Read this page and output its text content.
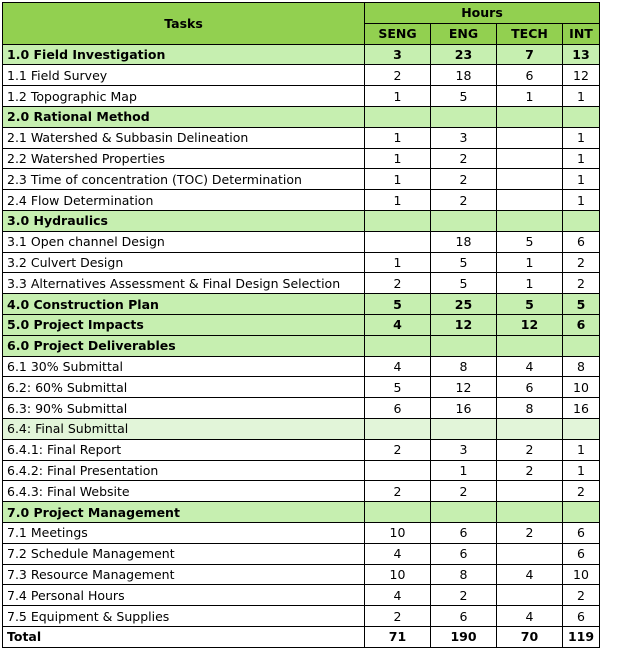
Tasks	Hours			
	SENG	ENG	TECH	INT
1.0 Field Investigation	3	23	7	13
1.1 Field Survey	2	18	6	12
1.2 Topographic Map	1	5	1	1
2.0 Rational Method				
2.1 Watershed & Subbasin Delineation	1	3		1
2.2 Watershed Properties	1	2		1
2.3 Time of concentration (TOC) Determination	1	2		1
2.4 Flow Determination	1	2		1
3.0 Hydraulics				
3.1 Open channel Design		18	5	6
3.2 Culvert Design	1	5	1	2
3.3 Alternatives Assessment & Final Design Selection	2	5	1	2
4.0 Construction Plan	5	25	5	5
5.0 Project Impacts	4	12	12	6
6.0 Project Deliverables				
6.1 30% Submittal	4	8	4	8
6.2: 60% Submittal	5	12	6	10
6.3: 90% Submittal	6	16	8	16
6.4: Final Submittal				
6.4.1: Final Report	2	3	2	1
6.4.2: Final Presentation		1	2	1
6.4.3: Final Website	2	2		2
7.0 Project Management				
7.1 Meetings	10	6	2	6
7.2 Schedule Management	4	6		6
7.3 Resource Management	10	8	4	10
7.4 Personal Hours	4	2		2
7.5 Equipment & Supplies	2	6	4	6
Total	71	190	70	119
